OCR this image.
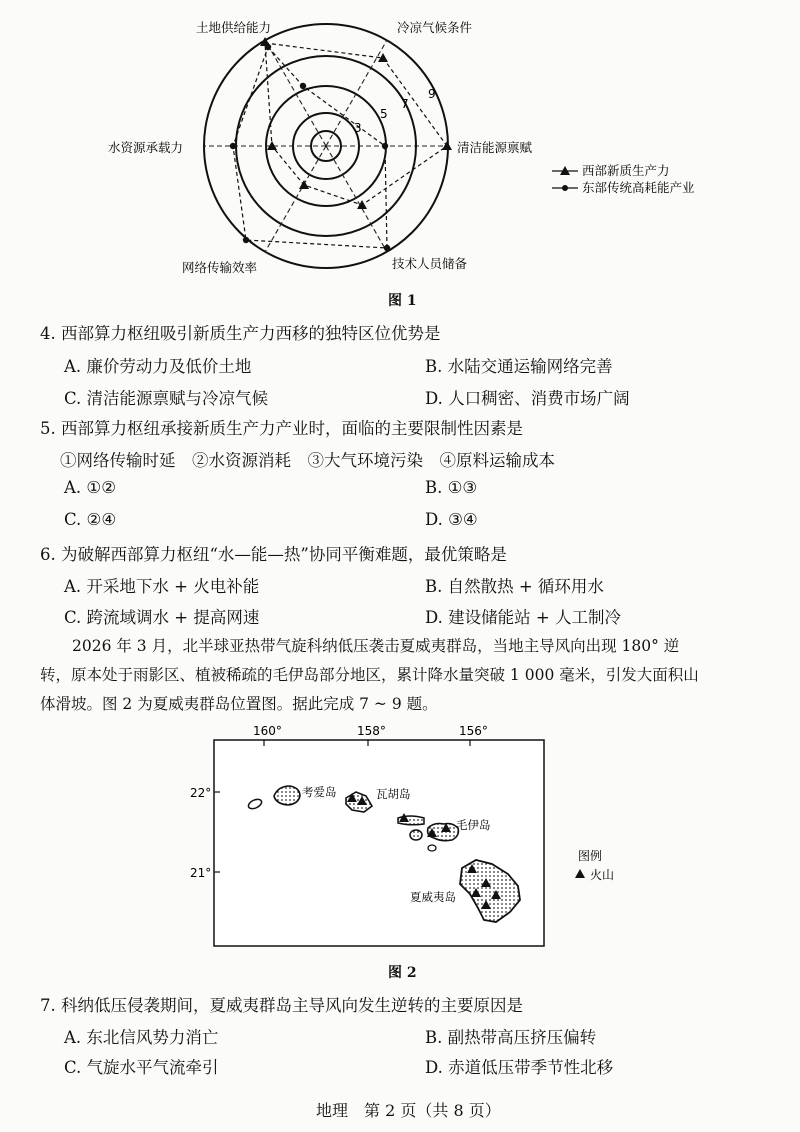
3
5
7
9
土地供给能力	冷凉气候条件
水资源承载力	清洁能源禀赋
网络传输效率	技术人员储备
西部新质生产力
东部传统高耗能产业
图 1
4. 西部算力枢纽吸引新质生产力西移的独特区位优势是
A. 廉价劳动力及低价土地	B. 水陆交通运输网络完善
C. 清洁能源禀赋与冷凉气候	D. 人口稠密、消费市场广阔
5. 西部算力枢纽承接新质生产力产业时，面临的主要限制性因素是
①网络传输时延　②水资源消耗　③大气环境污染　④原料运输成本
A. ①②	B. ①③
C. ②④	D. ③④
6. 为破解西部算力枢纽“水—能—热”协同平衡难题，最优策略是
A. 开采地下水 + 火电补能	B. 自然散热 + 循环用水
C. 跨流域调水 + 提高网速	D. 建设储能站 + 人工制冷
2026 年 3 月，北半球亚热带气旋科纳低压袭击夏威夷群岛，当地主导风向出现 180° 逆
转，原本处于雨影区、植被稀疏的毛伊岛部分地区，累计降水量突破 1 000 毫米，引发大面积山
体滑坡。图 2 为夏威夷群岛位置图。据此完成 7 ~ 9 题。
160°	158°	156°
22°
21°
考爱岛	瓦胡岛
毛伊岛
夏威夷岛
图例
火山
图 2
7. 科纳低压侵袭期间，夏威夷群岛主导风向发生逆转的主要原因是
A. 东北信风势力消亡	B. 副热带高压挤压偏转
C. 气旋水平气流牵引	D. 赤道低压带季节性北移
地理　第 2 页（共 8 页）
